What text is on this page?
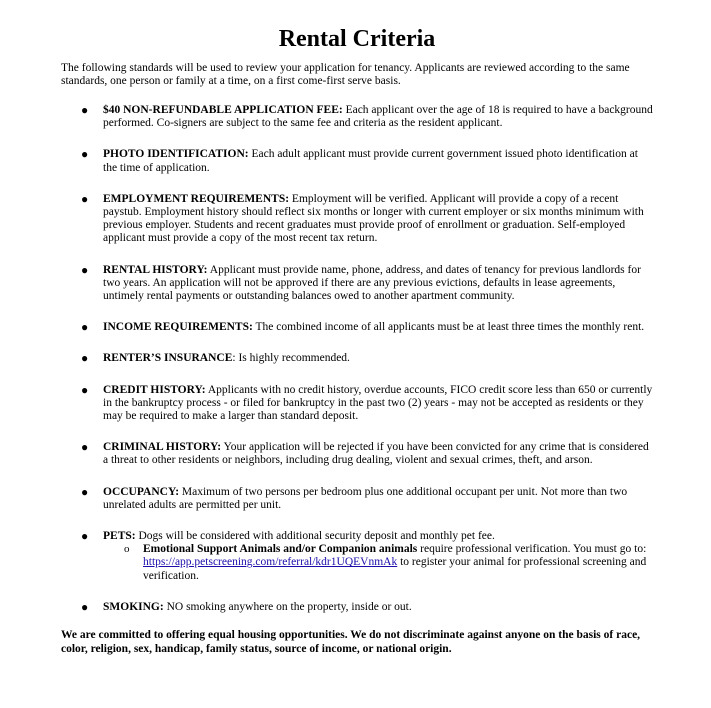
Rental Criteria

The following standards will be used to review your application for tenancy. Applicants are reviewed according to the same standards, one person or family at a time, on a first come-first serve basis.

● $40 NON-REFUNDABLE APPLICATION FEE: Each applicant over the age of 18 is required to have a background performed. Co-signers are subject to the same fee and criteria as the resident applicant.
● PHOTO IDENTIFICATION: Each adult applicant must provide current government issued photo identification at the time of application.
● EMPLOYMENT REQUIREMENTS: Employment will be verified. Applicant will provide a copy of a recent paystub. Employment history should reflect six months or longer with current employer or six months minimum with previous employer. Students and recent graduates must provide proof of enrollment or graduation. Self-employed applicant must provide a copy of the most recent tax return.
● RENTAL HISTORY: Applicant must provide name, phone, address, and dates of tenancy for previous landlords for two years. An application will not be approved if there are any previous evictions, defaults in lease agreements, untimely rental payments or outstanding balances owed to another apartment community.
● INCOME REQUIREMENTS: The combined income of all applicants must be at least three times the monthly rent.
● RENTER’S INSURANCE: Is highly recommended.
● CREDIT HISTORY: Applicants with no credit history, overdue accounts, FICO credit score less than 650 or currently in the bankruptcy process - or filed for bankruptcy in the past two (2) years - may not be accepted as residents or they may be required to make a larger than standard deposit.
● CRIMINAL HISTORY: Your application will be rejected if you have been convicted for any crime that is considered a threat to other residents or neighbors, including drug dealing, violent and sexual crimes, theft, and arson.
● OCCUPANCY: Maximum of two persons per bedroom plus one additional occupant per unit. Not more than two unrelated adults are permitted per unit.
● PETS: Dogs will be considered with additional security deposit and monthly pet fee.
o Emotional Support Animals and/or Companion animals require professional verification. You must go to: https://app.petscreening.com/referral/kdr1UQEVnmAk to register your animal for professional screening and verification.
● SMOKING: NO smoking anywhere on the property, inside or out.

We are committed to offering equal housing opportunities. We do not discriminate against anyone on the basis of race, color, religion, sex, handicap, family status, source of income, or national origin.
